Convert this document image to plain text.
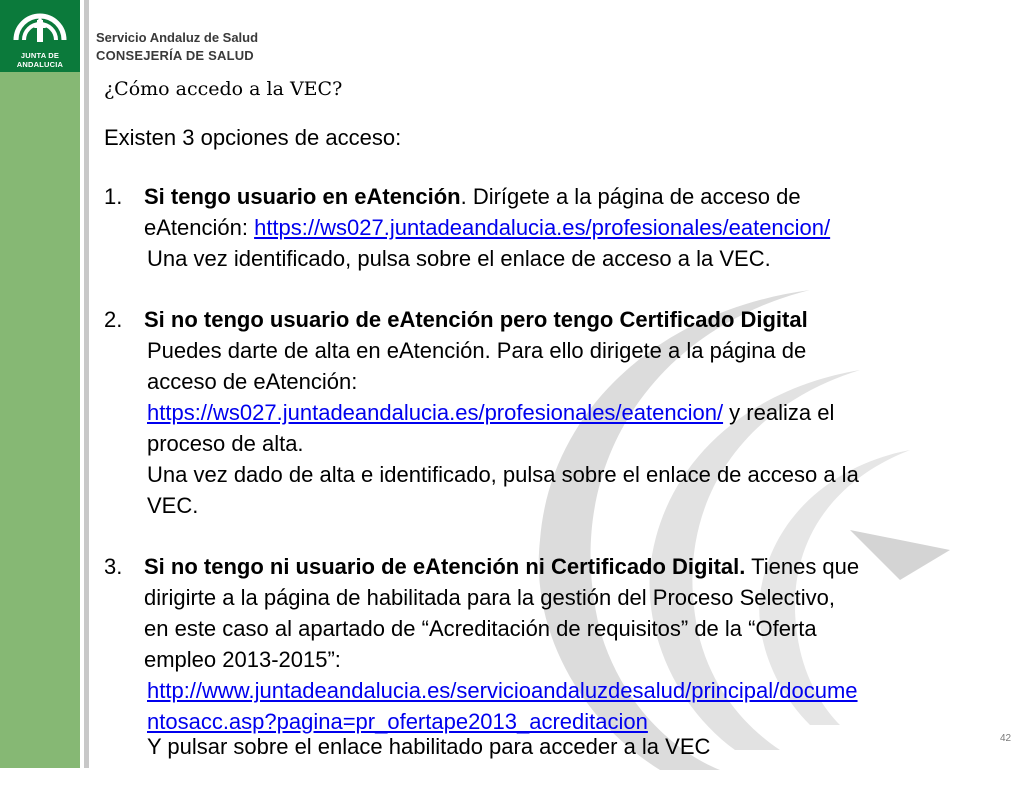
JUNTA DE ANDALUCIA
Servicio Andaluz de Salud
CONSEJERÍA DE SALUD
¿Cómo accedo a la VEC?

Existen 3 opciones de acceso:

1. Si tengo usuario en eAtención. Dirígete a la página de acceso de

eAtención: https://ws027.juntadeandalucia.es/profesionales/eatencion/

Una vez identificado, pulsa sobre el enlace de acceso a la VEC.

2. Si no tengo usuario de eAtención pero tengo Certificado Digital

Puedes darte de alta en eAtención. Para ello dirigete a la página de

acceso de eAtención:

https://ws027.juntadeandalucia.es/profesionales/eatencion/ y realiza el

proceso de alta.

Una vez dado de alta e identificado, pulsa sobre el enlace de acceso a la

VEC.

3. Si no tengo ni usuario de eAtención ni Certificado Digital. Tienes que

dirigirte a la página de habilitada para la gestión del Proceso Selectivo,

en este caso al apartado de “Acreditación de requisitos” de la “Oferta

empleo 2013-2015”:

http://www.juntadeandalucia.es/servicioandaluzdesalud/principal/docume

ntosacc.asp?pagina=pr_ofertape2013_acreditacion

Y pulsar sobre el enlace habilitado para acceder a la VEC	42
